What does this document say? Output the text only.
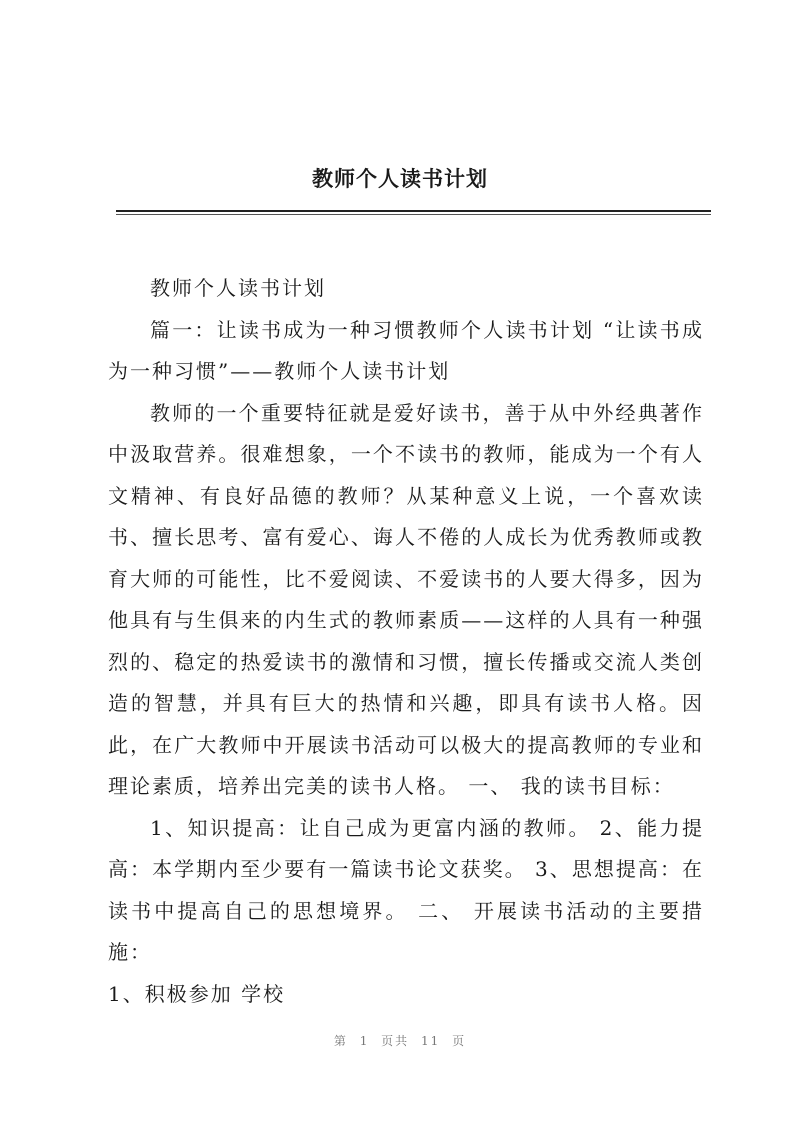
教师个人读书计划

教师个人读书计划

篇一：让读书成为一种习惯教师个人读书计划 “让读书成为一种习惯”——教师个人读书计划

教师的一个重要特征就是爱好读书，善于从中外经典著作中汲取营养。很难想象，一个不读书的教师，能成为一个有人文精神、有良好品德的教师？从某种意义上说，一个喜欢读书、擅长思考、富有爱心、诲人不倦的人成长为优秀教师或教育大师的可能性，比不爱阅读、不爱读书的人要大得多，因为他具有与生俱来的内生式的教师素质——这样的人具有一种强烈的、稳定的热爱读书的激情和习惯，擅长传播或交流人类创造的智慧，并具有巨大的热情和兴趣，即具有读书人格。因此，在广大教师中开展读书活动可以极大的提高教师的专业和理论素质，培养出完美的读书人格。 一、 我的读书目标：

1、知识提高：让自己成为更富内涵的教师。 2、能力提高：本学期内至少要有一篇读书论文获奖。 3、思想提高：在读书中提高自己的思想境界。 二、 开展读书活动的主要措施：

1、积极参加 学校

第 1 页共 11 页
